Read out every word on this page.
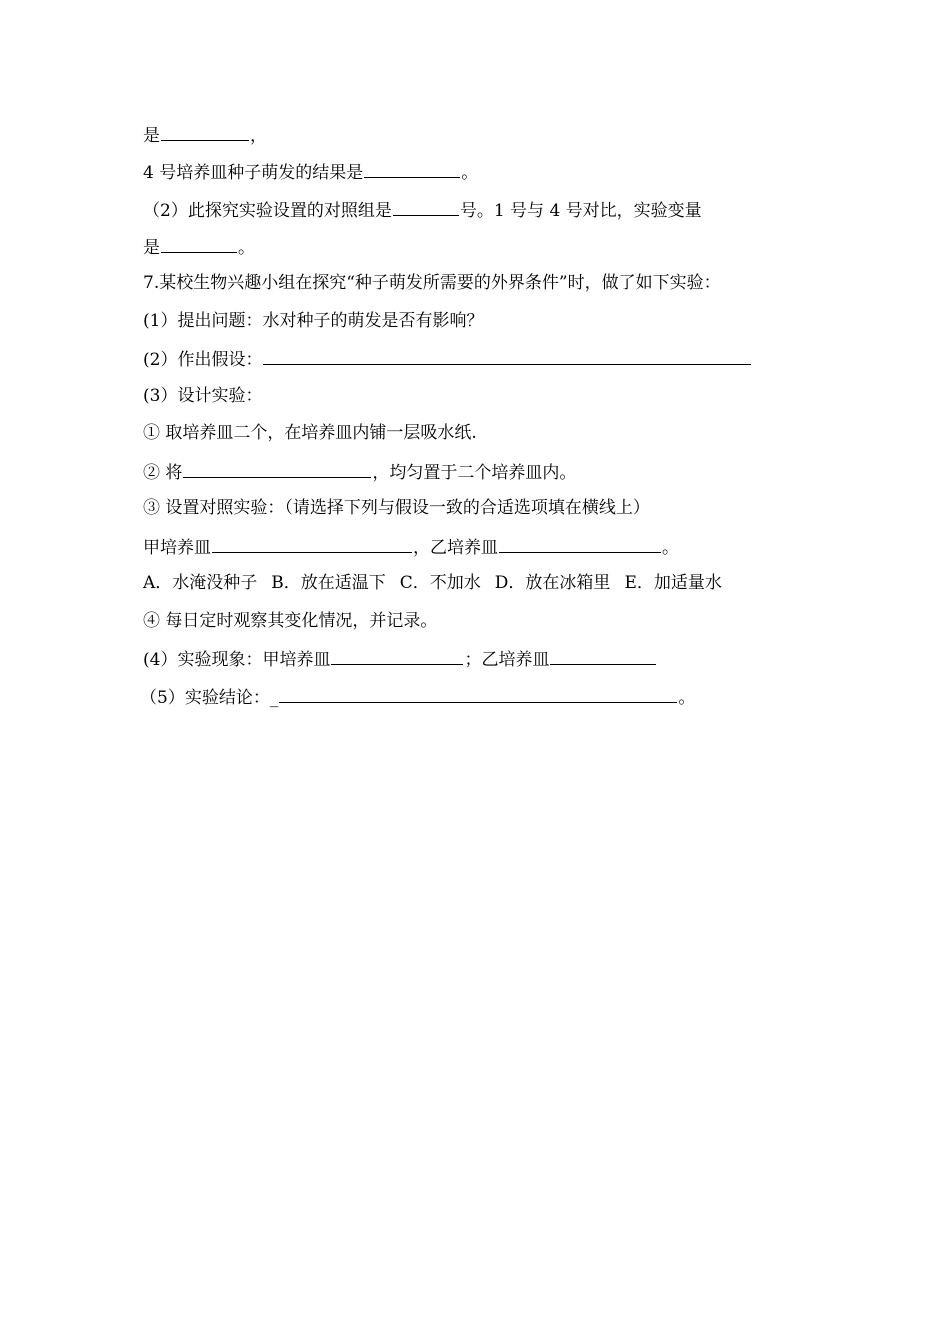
是	，
4 号培养皿种子萌发的结果是	。
（2）此探究实验设置的对照组是	号。1 号与 4 号对比，实验变量
是	。
7.某校生物兴趣小组在探究“种子萌发所需要的外界条件”时，做了如下实验：
(1）提出问题：水对种子的萌发是否有影响？
(2）作出假设：
(3）设计实验：
① 取培养皿二个，在培养皿内铺一层吸水纸.
② 将	，均匀置于二个培养皿内。
③ 设置对照实验：（请选择下列与假设一致的合适选项填在横线上）
甲培养皿	，乙培养皿	。
A．水淹没种子 B．放在适温下 C．不加水 D．放在冰箱里 E．加适量水
④ 每日定时观察其变化情况，并记录。
(4）实验现象：甲培养皿	；乙培养皿
（5）实验结论：_	。
